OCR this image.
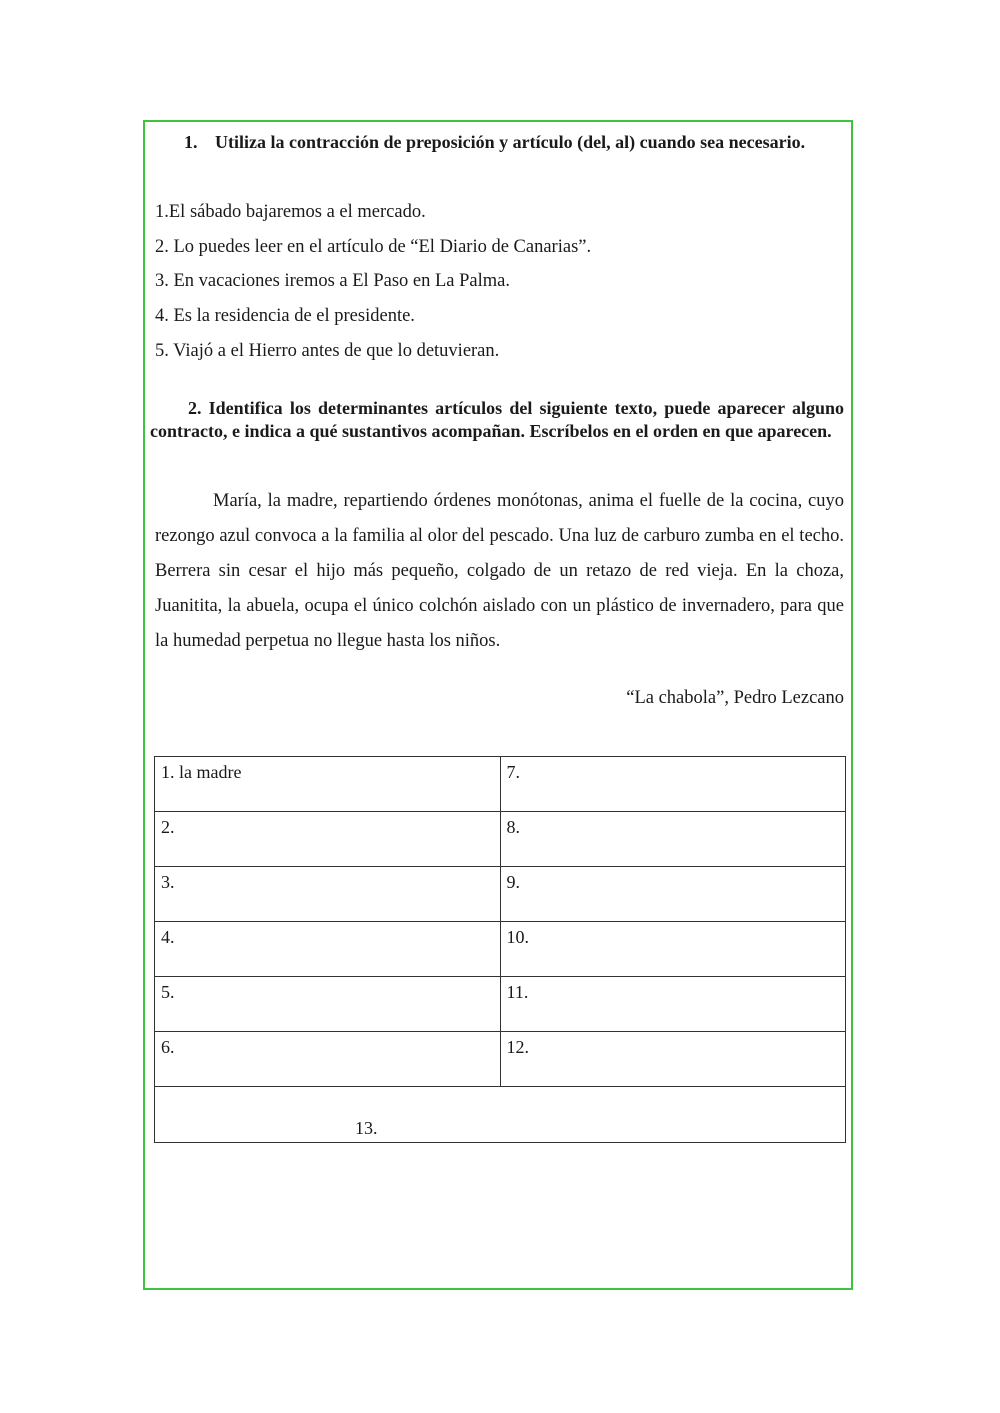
1. Utiliza la contracción de preposición y artículo (del, al) cuando sea necesario.

1.El sábado bajaremos a el mercado.

2. Lo puedes leer en el artículo de “El Diario de Canarias”.

3. En vacaciones iremos a El Paso en La Palma.

4. Es la residencia de el presidente.

5. Viajó a el Hierro antes de que lo detuvieran.

2. Identifica los determinantes artículos del siguiente texto, puede aparecer alguno contracto, e indica a qué sustantivos acompañan. Escríbelos en el orden en que aparecen.

María, la madre, repartiendo órdenes monótonas, anima el fuelle de la cocina, cuyo rezongo azul convoca a la familia al olor del pescado. Una luz de carburo zumba en el techo. Berrera sin cesar el hijo más pequeño, colgado de un retazo de red vieja. En la choza, Juanitita, la abuela, ocupa el único colchón aislado con un plástico de invernadero, para que la humedad perpetua no llegue hasta los niños.

“La chabola”, Pedro Lezcano

1. la madre	7.
2.	8.
3.	9.
4.	10.
5.	11.
6.	12.
13.	
